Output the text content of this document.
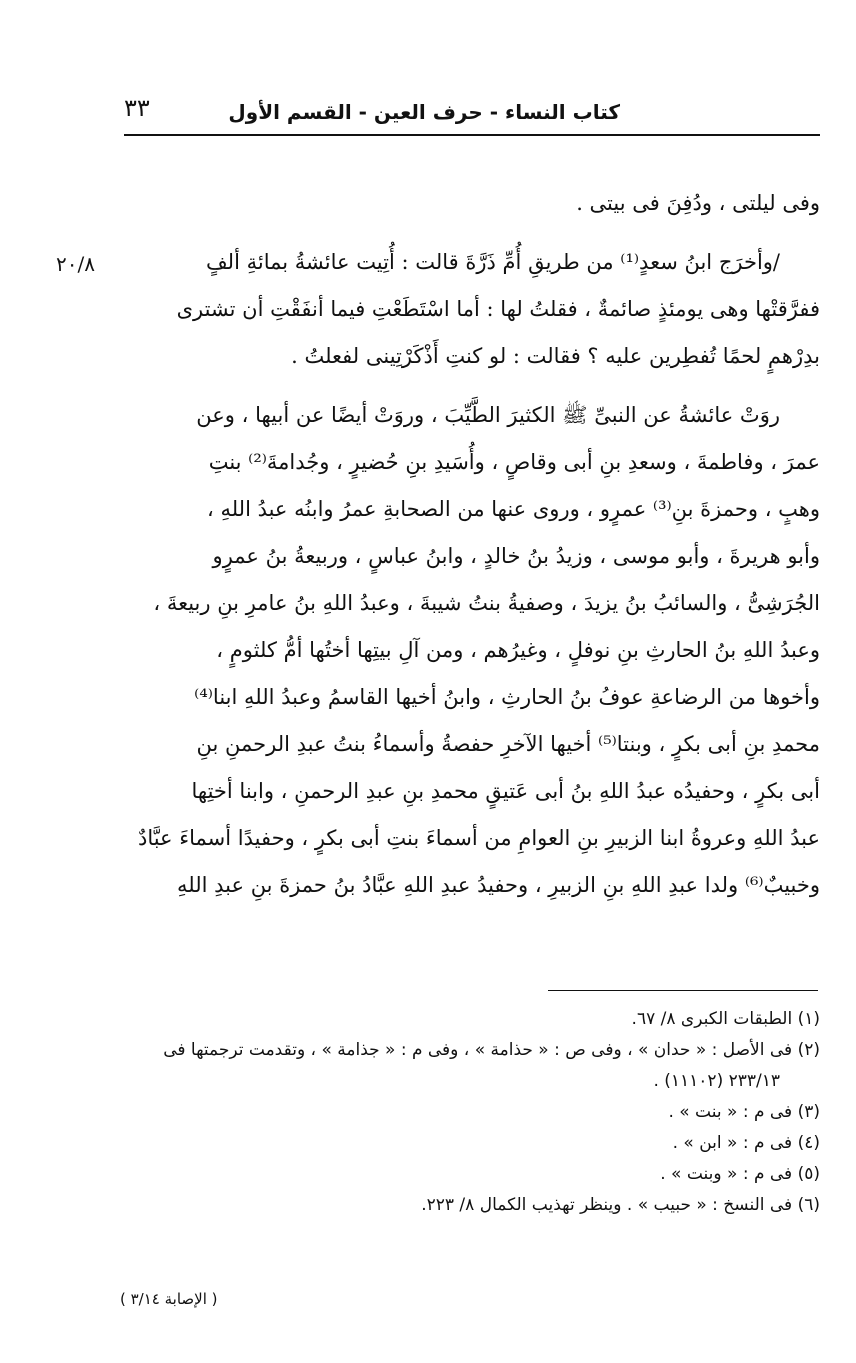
كتاب النساء - حرف العين - القسم الأول
٣٣
٢٠/٨

وفى ليلتى ، ودُفِنَ فى بيتى .

/وأخرَج ابنُ سعدٍ⁽¹⁾ من طريقِ أُمِّ ذَرَّةَ قالت : أُتِيت عائشةُ بمائةِ ألفٍ

ففرَّقتْها وهى يومئذٍ صائمةٌ ، فقلتُ لها : أما اسْتَطَعْتِ فيما أنفَقْتِ أن تشترى

بدِرْهمٍ لحمًا تُفطِرين عليه ؟ فقالت : لو كنتِ أَذْكَرْتِينى لفعلتُ .

روَتْ عائشةُ عن النبىِّ ﷺ الكثيرَ الطَّيِّبَ ، وروَتْ أيضًا عن أبيها ، وعن

عمرَ ، وفاطمةَ ، وسعدِ بنِ أبى وقاصٍ ، وأُسَيدِ بنِ حُضيرٍ ، وجُدامةَ⁽²⁾ بنتِ

وهبٍ ، وحمزةَ بنِ⁽³⁾ عمرٍو ، وروى عنها من الصحابةِ عمرُ وابنُه عبدُ اللهِ ،

وأبو هريرةَ ، وأبو موسى ، وزيدُ بنُ خالدٍ ، وابنُ عباسٍ ، وربيعةُ بنُ عمرٍو

الجُرَشِىُّ ، والسائبُ بنُ يزيدَ ، وصفيةُ بنتُ شيبةَ ، وعبدُ اللهِ بنُ عامرِ بنِ ربيعةَ ،

وعبدُ اللهِ بنُ الحارثِ بنِ نوفلٍ ، وغيرُهم ، ومن آلِ بيتِها أختُها أمُّ كلثومٍ ،

وأخوها من الرضاعةِ عوفُ بنُ الحارثِ ، وابنُ أخيها القاسمُ وعبدُ اللهِ ابنا⁽⁴⁾

محمدِ بنِ أبى بكرٍ ، وبنتا⁽⁵⁾ أخيها الآخرِ حفصةُ وأسماءُ بنتُ عبدِ الرحمنِ بنِ

أبى بكرٍ ، وحفيدُه عبدُ اللهِ بنُ أبى عَتيقٍ محمدِ بنِ عبدِ الرحمنِ ، وابنا أختِها

عبدُ اللهِ وعروةُ ابنا الزبيرِ بنِ العوامِ من أسماءَ بنتِ أبى بكرٍ ، وحفيدًا أسماءَ عبَّادٌ

وخبيبٌ⁽⁶⁾ ولدا عبدِ اللهِ بنِ الزبيرِ ، وحفيدُ عبدِ اللهِ عبَّادُ بنُ حمزةَ بنِ عبدِ اللهِ

(١) الطبقات الكبرى ٨/ ٦٧.

(٢) فى الأصل : « حدان » ، وفى ص : « حذامة » ، وفى م : « جذامة » ، وتقدمت ترجمتها فى

٢٣٣/١٣ (١١١٠٢) .

(٣) فى م : « بنت » .

(٤) فى م : « ابن » .

(٥) فى م : « وبنت » .

(٦) فى النسخ : « حبيب » . وينظر تهذيب الكمال ٨/ ٢٢٣.

( الإصابة ٣/١٤ )
